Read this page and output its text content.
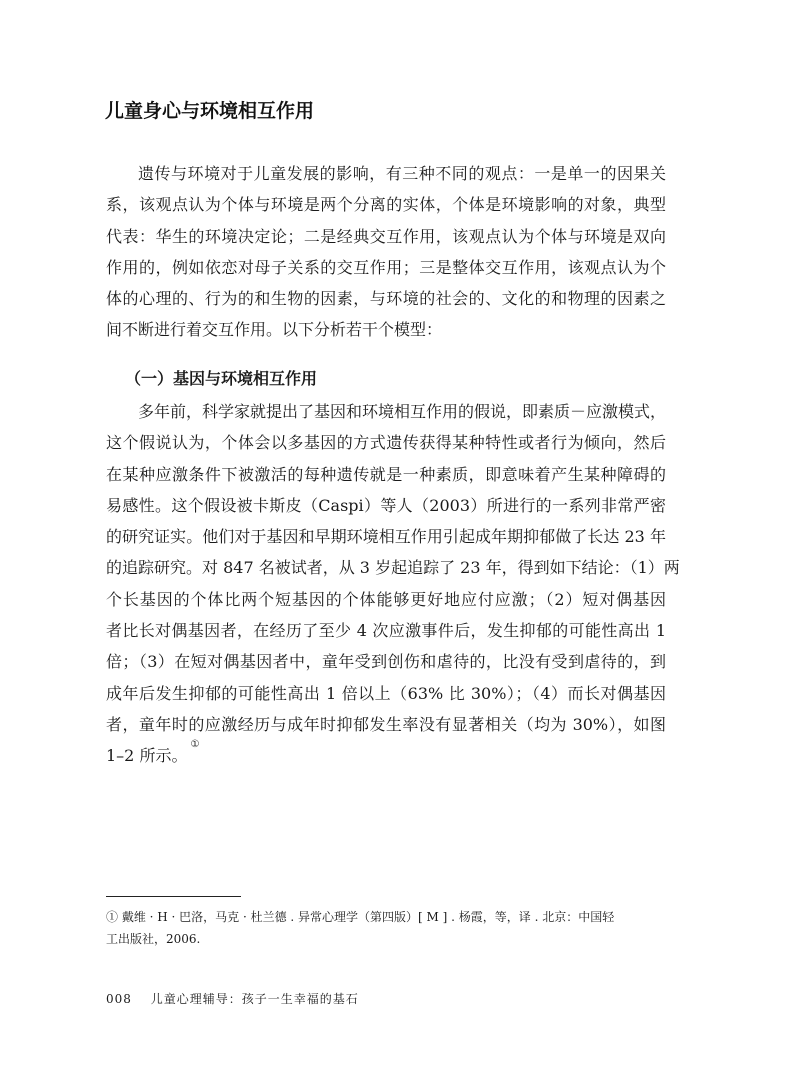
儿童身心与环境相互作用
遗传与环境对于儿童发展的影响，有三种不同的观点：一是单一的因果关
系，该观点认为个体与环境是两个分离的实体，个体是环境影响的对象，典型
代表：华生的环境决定论；二是经典交互作用，该观点认为个体与环境是双向
作用的，例如依恋对母子关系的交互作用；三是整体交互作用，该观点认为个
体的心理的、行为的和生物的因素，与环境的社会的、文化的和物理的因素之
间不断进行着交互作用。以下分析若干个模型：
（一）基因与环境相互作用
多年前，科学家就提出了基因和环境相互作用的假说，即素质－应激模式，
这个假说认为，个体会以多基因的方式遗传获得某种特性或者行为倾向，然后
在某种应激条件下被激活的每种遗传就是一种素质，即意味着产生某种障碍的
易感性。这个假设被卡斯皮（Caspi）等人（2003）所进行的一系列非常严密
的研究证实。他们对于基因和早期环境相互作用引起成年期抑郁做了长达 23 年
的追踪研究。对 847 名被试者，从 3 岁起追踪了 23 年，得到如下结论：（1）两
个长基因的个体比两个短基因的个体能够更好地应付应激；（2）短对偶基因
者比长对偶基因者，在经历了至少 4 次应激事件后，发生抑郁的可能性高出 1
倍；（3）在短对偶基因者中，童年受到创伤和虐待的，比没有受到虐待的，到
成年后发生抑郁的可能性高出 1 倍以上（63% 比 30%）；（4）而长对偶基因
者，童年时的应激经历与成年时抑郁发生率没有显著相关（均为 30%），如图
1–2 所示。①
① 戴维 · H · 巴洛，马克 · 杜兰德 . 异常心理学（第四版）[ M ] . 杨霞，等，译 . 北京：中国轻
工出版社，2006.
008 儿童心理辅导：孩子一生幸福的基石
